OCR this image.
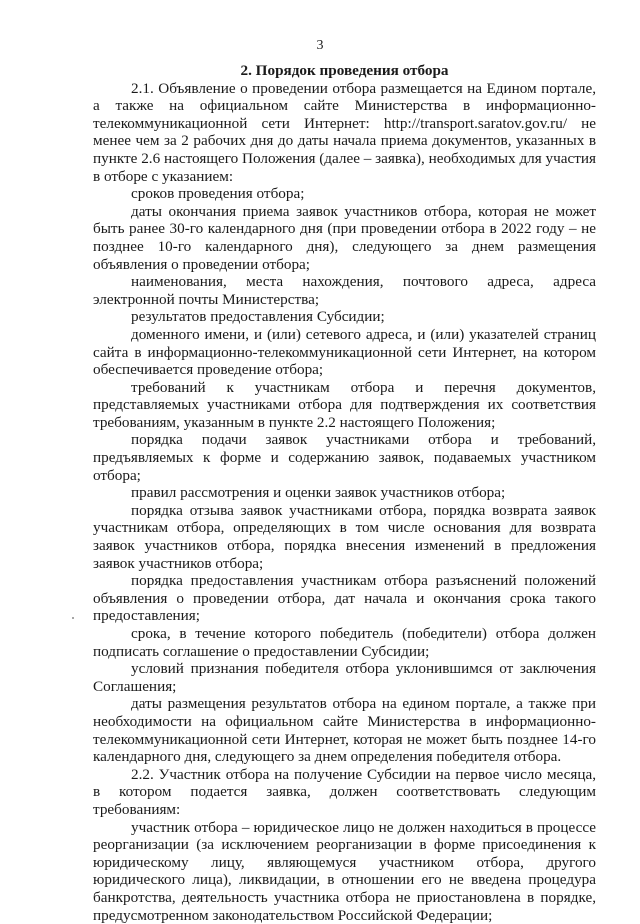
3
2. Порядок проведения отбора

2.1. Объявление о проведении отбора размещается на Едином портале, а также на официальном сайте Министерства в информационно-телекоммуникационной сети Интернет: http://transport.saratov.gov.ru/ не менее чем за 2 рабочих дня до даты начала приема документов, указанных в пункте 2.6 настоящего Положения (далее – заявка), необходимых для участия в отборе с указанием:

сроков проведения отбора;

даты окончания приема заявок участников отбора, которая не может быть ранее 30-го календарного дня (при проведении отбора в 2022 году – не позднее 10-го календарного дня), следующего за днем размещения объявления о проведении отбора;

наименования, места нахождения, почтового адреса, адреса электронной почты Министерства;

результатов предоставления Субсидии;

доменного имени, и (или) сетевого адреса, и (или) указателей страниц сайта в информационно-телекоммуникационной сети Интернет, на котором обеспечивается проведение отбора;

требований к участникам отбора и перечня документов, представляемых участниками отбора для подтверждения их соответствия требованиям, указанным в пункте 2.2 настоящего Положения;

порядка подачи заявок участниками отбора и требований, предъявляемых к форме и содержанию заявок, подаваемых участником отбора;

правил рассмотрения и оценки заявок участников отбора;

порядка отзыва заявок участниками отбора, порядка возврата заявок участникам отбора, определяющих в том числе основания для возврата заявок участников отбора, порядка внесения изменений в предложения заявок участников отбора;

порядка предоставления участникам отбора разъяснений положений объявления о проведении отбора, дат начала и окончания срока такого предоставления;

срока, в течение которого победитель (победители) отбора должен подписать соглашение о предоставлении Субсидии;

условий признания победителя отбора уклонившимся от заключения Соглашения;

даты размещения результатов отбора на едином портале, а также при необходимости на официальном сайте Министерства в информационно-телекоммуникационной сети Интернет, которая не может быть позднее 14-го календарного дня, следующего за днем определения победителя отбора.

2.2. Участник отбора на получение Субсидии на первое число месяца, в котором подается заявка, должен соответствовать следующим требованиям:

участник отбора – юридическое лицо не должен находиться в процессе реорганизации (за исключением реорганизации в форме присоединения к юридическому лицу, являющемуся участником отбора, другого юридического лица), ликвидации, в отношении его не введена процедура банкротства, деятельность участника отбора не приостановлена в порядке, предусмотренном законодательством Российской Федерации;
